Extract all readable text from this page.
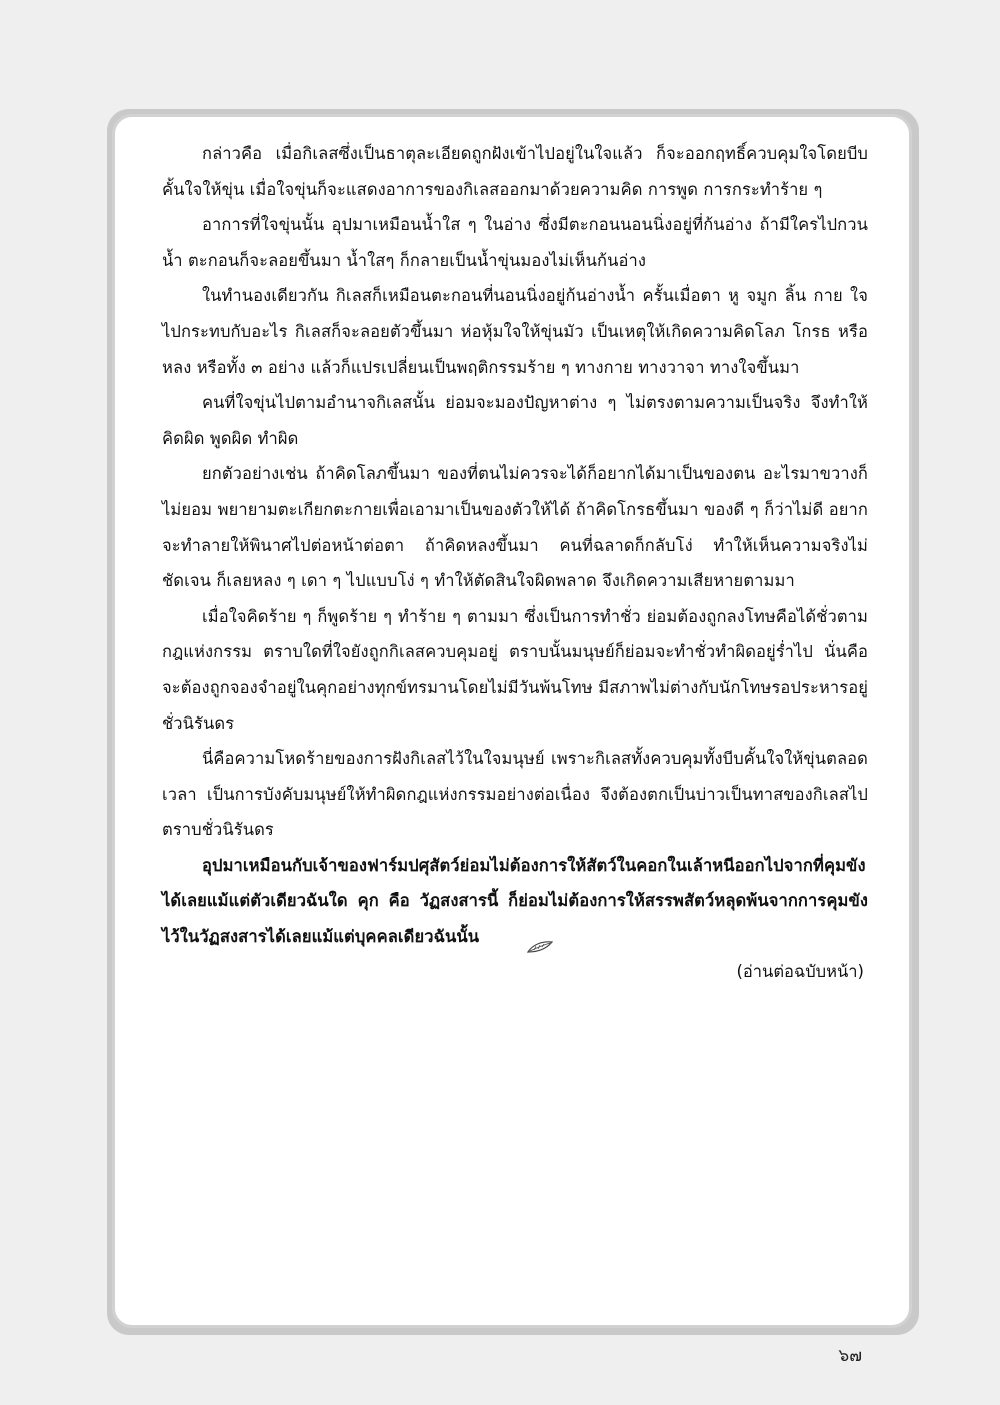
กล่าวคือ เมื่อกิเลสซึ่งเป็นธาตุละเอียดถูกฝังเข้าไปอยู่ในใจแล้ว ก็จะออกฤทธิ์ควบคุมใจโดยบีบคั้นใจให้ขุ่น เมื่อใจขุ่นก็จะแสดงอาการของกิเลสออกมาด้วยความคิด การพูด การกระทำร้าย ๆ

อาการที่ใจขุ่นนั้น อุปมาเหมือนน้ำใส ๆ ในอ่าง ซึ่งมีตะกอนนอนนิ่งอยู่ที่ก้นอ่าง ถ้ามีใครไปกวนน้ำ ตะกอนก็จะลอยขึ้นมา น้ำใสๆ ก็กลายเป็นน้ำขุ่นมองไม่เห็นก้นอ่าง

ในทำนองเดียวกัน กิเลสก็เหมือนตะกอนที่นอนนิ่งอยู่ก้นอ่างน้ำ ครั้นเมื่อตา หู จมูก ลิ้น กาย ใจ ไปกระทบกับอะไร กิเลสก็จะลอยตัวขึ้นมา ห่อหุ้มใจให้ขุ่นมัว เป็นเหตุให้เกิดความคิดโลภ โกรธ หรือหลง หรือทั้ง ๓ อย่าง แล้วก็แปรเปลี่ยนเป็นพฤติกรรมร้าย ๆ ทางกาย ทางวาจา ทางใจขึ้นมา

คนที่ใจขุ่นไปตามอำนาจกิเลสนั้น ย่อมจะมองปัญหาต่าง ๆ ไม่ตรงตามความเป็นจริง จึงทำให้คิดผิด พูดผิด ทำผิด

ยกตัวอย่างเช่น ถ้าคิดโลภขึ้นมา ของที่ตนไม่ควรจะได้ก็อยากได้มาเป็นของตน อะไรมาขวางก็ไม่ยอม พยายามตะเกียกตะกายเพื่อเอามาเป็นของตัวให้ได้ ถ้าคิดโกรธขึ้นมา ของดี ๆ ก็ว่าไม่ดี อยากจะทำลายให้พินาศไปต่อหน้าต่อตา ถ้าคิดหลงขึ้นมา คนที่ฉลาดก็กลับโง่ ทำให้เห็นความจริงไม่ชัดเจน ก็เลยหลง ๆ เดา ๆ ไปแบบโง่ ๆ ทำให้ตัดสินใจผิดพลาด จึงเกิดความเสียหายตามมา

เมื่อใจคิดร้าย ๆ ก็พูดร้าย ๆ ทำร้าย ๆ ตามมา ซึ่งเป็นการทำชั่ว ย่อมต้องถูกลงโทษคือได้ชั่วตามกฎแห่งกรรม ตราบใดที่ใจยังถูกกิเลสควบคุมอยู่ ตราบนั้นมนุษย์ก็ย่อมจะทำชั่วทำผิดอยู่ร่ำไป นั่นคือ จะต้องถูกจองจำอยู่ในคุกอย่างทุกข์ทรมานโดยไม่มีวันพ้นโทษ มีสภาพไม่ต่างกับนักโทษรอประหารอยู่ชั่วนิรันดร

นี่คือความโหดร้ายของการฝังกิเลสไว้ในใจมนุษย์ เพราะกิเลสทั้งควบคุมทั้งบีบคั้นใจให้ขุ่นตลอดเวลา เป็นการบังคับมนุษย์ให้ทำผิดกฎแห่งกรรมอย่างต่อเนื่อง จึงต้องตกเป็นบ่าวเป็นทาสของกิเลสไปตราบชั่วนิรันดร

อุปมาเหมือนกับเจ้าของฟาร์มปศุสัตว์ย่อมไม่ต้องการให้สัตว์ในคอกในเล้าหนีออกไปจากที่คุมขังได้เลยแม้แต่ตัวเดียวฉันใด คุก คือ วัฏสงสารนี้ ก็ย่อมไม่ต้องการให้สรรพสัตว์หลุดพ้นจากการคุมขังไว้ในวัฏสงสารได้เลยแม้แต่บุคคลเดียวฉันนั้น

(อ่านต่อฉบับหน้า)

๖๗
